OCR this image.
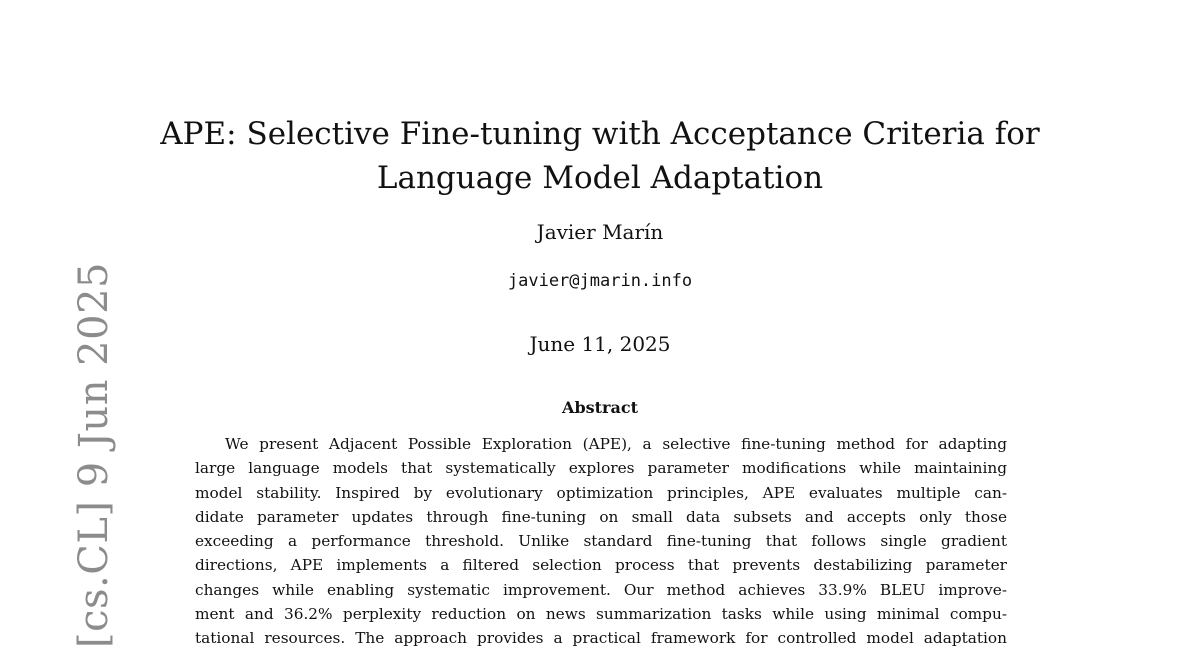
APE: Selective Fine-tuning with Acceptance Criteria for
Language Model Adaptation
Javier Marín
javier@jmarin.info
June 11, 2025
Abstract
We present Adjacent Possible Exploration (APE), a selective fine-tuning method for adapting
large language models that systematically explores parameter modifications while maintaining
model stability. Inspired by evolutionary optimization principles, APE evaluates multiple can-
didate parameter updates through fine-tuning on small data subsets and accepts only those
exceeding a performance threshold. Unlike standard fine-tuning that follows single gradient
directions, APE implements a filtered selection process that prevents destabilizing parameter
changes while enabling systematic improvement. Our method achieves 33.9% BLEU improve-
ment and 36.2% perplexity reduction on news summarization tasks while using minimal compu-
tational resources. The approach provides a practical framework for controlled model adaptation
[cs.CL] 9 Jun 2025
